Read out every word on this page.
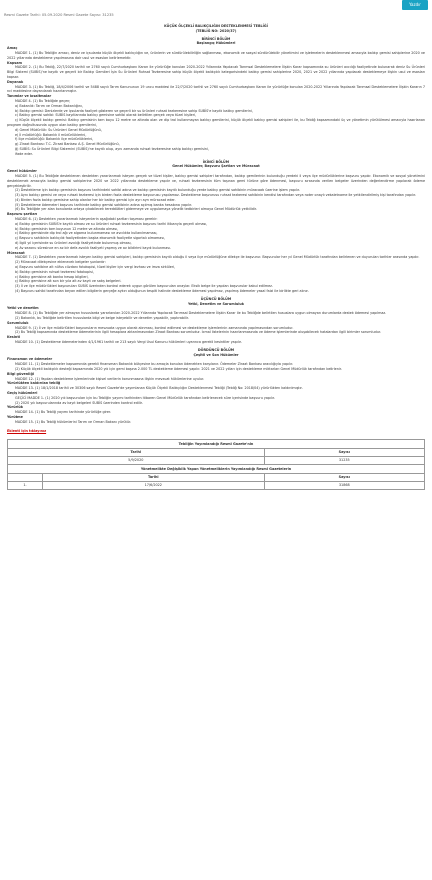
Resmi Gazete Tarihi: 05.09.2020 Resmi Gazete Sayısı: 31235
Yazdır

KÜÇÜK ÖLÇEKLİ BALIKÇILIĞIN DESTEKLENMESİ TEBLİĞİ

(TEBLİĞ NO: 2020/37)

BİRİNCİ BÖLÜM

Başlangıç Hükümleri

Amaç

MADDE 1- (1) Bu Tebliğin amacı, deniz ve içsularda küçük ölçekli balıkçılığın ve, ürünlerin ve sürdürülebilirliğin sağlanması, ekonomik ve sosyal sürdürülebilir yönetimini ve işletmelerin desteklenmesi amacıyla balıkçı gemisi sahiplerine 2020 ve 2022 yıllarında destekleme yapılmasına dair usul ve esasları belirlemektir.

Kapsam

MADDE 2- (1) Bu Tebliğ, 22/7/2020 tarihli ve 2760 sayılı Cumhurbaşkanı Kararı ile yürürlüğe konulan 2020-2022 Yıllarında Yapılacak Tarımsal Desteklemelere İlişkin Karar kapsamında su ürünleri avcılığı faaliyetinde bulunarak deniz Su Ürünleri Bilgi Sistemi (SUBİS)'ne kayıtlı ve geçerli bir Balıkçı Gemileri İşin Su Ürünleri Ruhsat Tezkeresine sahip küçük ölçekli balıkçılık kategorisindeki balıkçı gemisi sahiplerine 2020, 2021 ve 2022 yıllarında yapılacak desteklemeye ilişkin usul ve esasları kapsar.

Dayanak

MADDE 3- (1) Bu Tebliğ, 18/4/2006 tarihli ve 5488 sayılı Tarım Kanununun 19 uncu maddesi ile 22/7/2020 tarihli ve 2760 sayılı Cumhurbaşkanı Kararı ile yürürlüğe konulan 2020-2022 Yıllarında Yapılacak Tarımsal Desteklemelere İlişkin Kararın 7 nci maddesine dayanılarak hazırlanmıştır.

Tanımlar ve kısaltmalar

MADDE 4- (1) Bu Tebliğde geçen;

a) Bakanlık: Tarım ve Orman Bakanlığını,

b) Balıkçı gemisi: Denizlerde ve içsularda faaliyet gösteren ve geçerli bir su ürünleri ruhsat tezkeresine sahip SUBİS'e kayıtlı balıkçı gemilerini,

c) Balıkçı gemisi sahibi: SUBİS kayıtlarında balıkçı gemisine sahibi olarak belirtilen gerçek veya tüzel kişileri,

ç) Küçük ölçekli balıkçı gemisi: Balıkçı gemisinin tam boyu 12 metre ve altında olan ve dip trol kullanmayan balıkçı gemilerini, küçük ölçekli balıkçı gemisi sahipleri ile, bu Tebliğ kapsamındaki üç ve yönetimin yürütülmesi amacıyla hazırlanan program doğrultusunda uygun olan balıkçı gemilerini,

d) Genel Müdürlük: Su Ürünleri Genel Müdürlüğünü,

e) İl müdürlüğü: Bakanlık il müdürlüklerini,

f) İlçe müdürlüğü: Bakanlık ilçe müdürlüklerini,

g) Ziraat Bankası: T.C. Ziraat Bankası A.Ş. Genel Müdürlüğünü,

ğ) SUBİS: Su Ürünleri Bilgi Sistemini (SUBİS)'ne kayıtlı olup, aynı zamanda ruhsat tezkeresine sahip balıkçı gemisini,

ifade eder.

İKİNCİ BÖLÜM

Genel Hükümler, Başvuru Şartları ve Müracaat

Genel hükümler

MADDE 5- (1) Bu Tebliğde desteklenen destekten yararlanmak isteyen gerçek ve tüzel kişiler, balıkçı gemisi sahipleri tarafından, balıkçı gemilerinin bulunduğu yerdeki il veya ilçe müdürlüklerine başvuru yapılır. Ekonomik ve sosyal yönetimini desteklemek amacıyla balıkçı gemisi sahiplerine 2020 ve 2022 yıllarında destekleme yapılır ve, ruhsat tezkeresinin tüm taşınan gemi türüne göre ödenmesi, başvuru sırasında verilen belgeler üzerinden değerlendirme yapılarak ödeme gerçekleştirilir.

(2) Destekleme için balıkçı gemisinin başvuru tarihindeki sahibi adına ve balıkçı gemisinin kayıtlı bulunduğu yerde balıkçı gemisi sahibinin müracaatı üzerine işlem yapılır.

(3) Aynı balıkçı gemisi ve veya ruhsat tezkeresi için birden fazla destekleme başvurusu yapılamaz. Destekleme başvurusu ruhsat tezkeresi sahibinin kendisi tarafından veya noter onaylı vekaletname ile yetkilendirilmiş kişi tarafından yapılır.

(4) Birden fazla balıkçı gemisine sahip olanlar her bir balıkçı gemisi için ayrı ayrı müracaat eder.

(5) Destekleme ödemeleri başvuru tarihinde balıkçı gemisi sahibinin adına açılmış banka hesabına yapılır.

(6) Bu Tebliğde yer alan konularda ortaya çıkabilecek tereddütleri gidermeye ve uygulamaya yönelik tedbirleri almaya Genel Müdürlük yetkilidir.

Başvuru şartları

MADDE 6- (1) Destekten yararlanmak isteyenlerin aşağıdaki şartları taşıması gerekir:

a) Balıkçı gemisinin SUBİS'e kayıtlı olması ve su ürünleri ruhsat tezkeresinin başvuru tarihi itibarıyla geçerli olması,

b) Balıkçı gemisinin tam boyunun 12 metre ve altında olması,

c) Balıkçı gemisinde dip trol ağı ve algarna bulunmaması ve avcılıkta kullanılmaması,

ç) Başvuru sahibinin balıkçılık faaliyetinden başka ekonomik faaliyetle sigortalı olmaması,

d) İlgili yıl içerisinde su ürünleri avcılığı faaliyetinde bulunmuş olması,

e) Av sezonu süresince en az bir defa avcılık faaliyeti yapmış ve av bildirimi kaydı bulunması.

Müracaat

MADDE 7- (1) Destekten yararlanmak isteyen balıkçı gemisi sahipleri, balıkçı gemisinin kayıtlı olduğu il veya ilçe müdürlüğüne dilekçe ile başvurur. Başvurular her yıl Genel Müdürlük tarafından belirlenen ve duyurulan tarihler arasında yapılır.

(2) Müracaat dilekçesine eklenecek belgeler şunlardır:

a) Başvuru sahibine ait nüfus cüzdanı fotokopisi, tüzel kişiler için vergi levhası ve imza sirküleri,

b) Balıkçı gemisinin ruhsat tezkeresi fotokopisi,

c) Balıkçı gemisine ait banka hesap bilgileri,

ç) Balıkçı gemisine ait son bir yıla ait av kayıt ve satış belgeleri.

(3) İl ve ilçe müdürlükleri başvuruları SUBİS üzerinden kontrol ederek uygun görülen başvuruları onaylar. Eksik belge ile yapılan başvurular kabul edilmez.

(4) Başvuru sahibi tarafından beyan edilen bilgilerin gerçeğe aykırı olduğunun tespiti halinde destekleme ödemesi yapılmaz, yapılmış ödemeler yasal faizi ile birlikte geri alınır.

ÜÇÜNCÜ BÖLÜM

Yetki, Denetim ve Sorumluluk

Yetki ve denetim

MADDE 8- (1) Bu Tebliğde yer almayan hususlarda yararlanılan 2020-2022 Yıllarında Yapılacak Tarımsal Desteklemelere İlişkin Karar ile bu Tebliğde belirtilen hususlara uygun olmayan durumlarda destek ödemesi yapılmaz.

(2) Bakanlık, bu Tebliğde belirtilen hususlarda bilgi ve belge isteyebilir ve denetim yapabilir, yaptırabilir.

Sorumluluk

MADDE 9- (1) İl ve ilçe müdürlükleri başvuruların mevzuata uygun olarak alınması, kontrol edilmesi ve destekleme işlemlerinin zamanında yapılmasından sorumludur.

(2) Bu Tebliğ kapsamında destekleme ödemelerinin ilgili hesaplara aktarılmasından Ziraat Bankası sorumludur. İcmal listelerinin hazırlanmasında ve ödeme işlemlerinde oluşabilecek hatalardan ilgili birimler sorumludur.

Kesinti

MADDE 10- (1) Destekleme ödemelerinden 4/1/1961 tarihli ve 213 sayılı Vergi Usul Kanunu hükümleri uyarınca gerekli kesintiler yapılır.

DÖRDÜNCÜ BÖLÜM

Çeşitli ve Son Hükümler

Finansman ve ödemeler

MADDE 11- (1) Desteklemeler kapsamında gerekli finansman Bakanlık bütçesine bu amaçla konulan ödenekten karşılanır. Ödemeler Ziraat Bankası aracılığıyla yapılır.

(2) Küçük ölçekli balıkçılık desteği kapsamında 2020 yılı için gemi başına 2.000 TL destekleme ödemesi yapılır. 2021 ve 2022 yılları için destekleme miktarları Genel Müdürlük tarafından belirlenir.

Bilgi güvenliği

MADDE 12- (1) Yapılan destekleme işlemlerinde kişisel verilerin korunmasına ilişkin mevzuat hükümlerine uyulur.

Yürürlükten kaldırılan tebliğ

MADDE 13- (1) 18/1/2018 tarihli ve 30306 sayılı Resmî Gazete'de yayımlanan Küçük Ölçekli Balıkçılığın Desteklenmesi Tebliği (Tebliğ No: 2018/04) yürürlükten kaldırılmıştır.

Geçiş hükümleri

GEÇİCİ MADDE 1- (1) 2020 yılı başvuruları için bu Tebliğin yayımı tarihinden itibaren Genel Müdürlük tarafından belirlenecek süre içerisinde başvuru yapılır.

(2) 2020 yılı başvurularında av kayıt belgeleri SUBİS üzerinden kontrol edilir.

Yürürlük

MADDE 14- (1) Bu Tebliğ yayımı tarihinde yürürlüğe girer.

Yürütme

MADDE 15- (1) Bu Tebliğ hükümlerini Tarım ve Orman Bakanı yürütür.

Eklenti için tıklayınız
Tebliğin Yayımlandığı Resmî Gazete'nin		
Tarihi		Sayısı
5/9/2020		31235
Yönetmelikte Değişiklik Yapan Yönetmeliklerin Yayımlandığı Resmî Gazetelerin		
	Tarihi	Sayısı
1.	17/6/2022	31868
